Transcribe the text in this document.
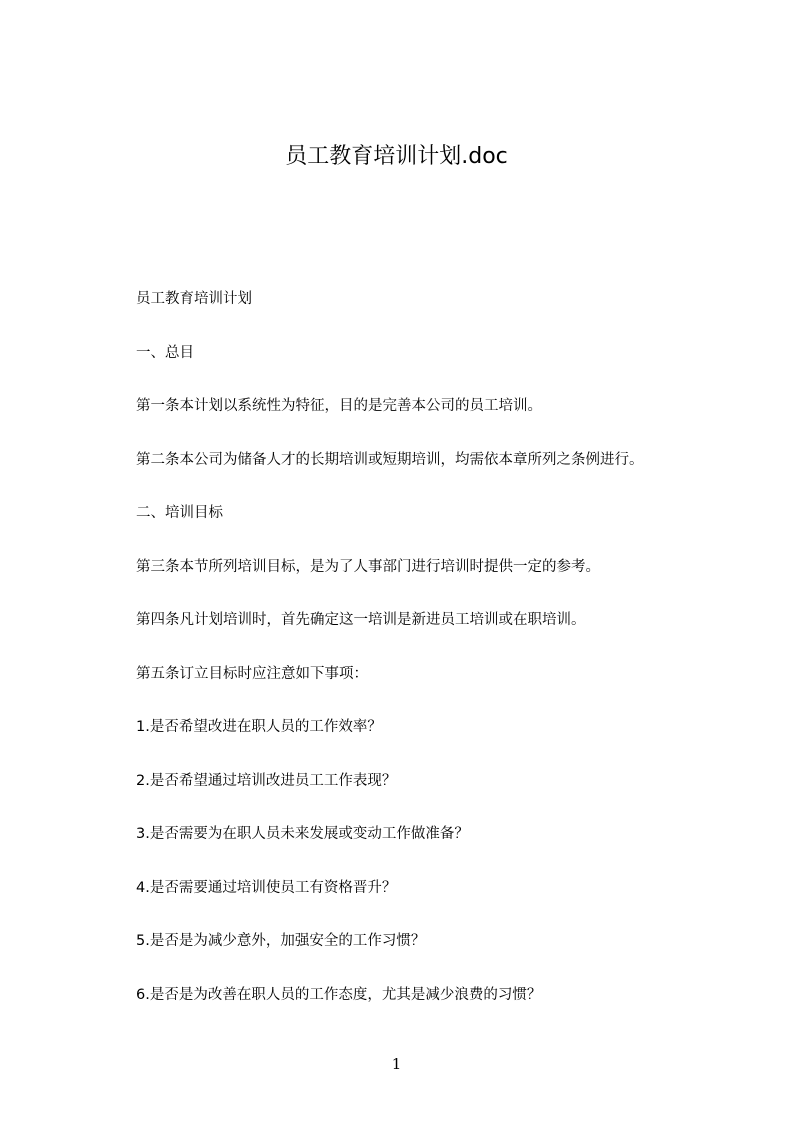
员工教育培训计划.doc
员工教育培训计划
一、总目
第一条本计划以系统性为特征，目的是完善本公司的员工培训。
第二条本公司为储备人才的长期培训或短期培训，均需依本章所列之条例进行。
二、培训目标
第三条本节所列培训目标，是为了人事部门进行培训时提供一定的参考。
第四条凡计划培训时，首先确定这一培训是新进员工培训或在职培训。
第五条订立目标时应注意如下事项：
1.是否希望改进在职人员的工作效率？
2.是否希望通过培训改进员工工作表现？
3.是否需要为在职人员未来发展或变动工作做准备？
4.是否需要通过培训使员工有资格晋升？
5.是否是为减少意外，加强安全的工作习惯？
6.是否是为改善在职人员的工作态度，尤其是减少浪费的习惯？
1
